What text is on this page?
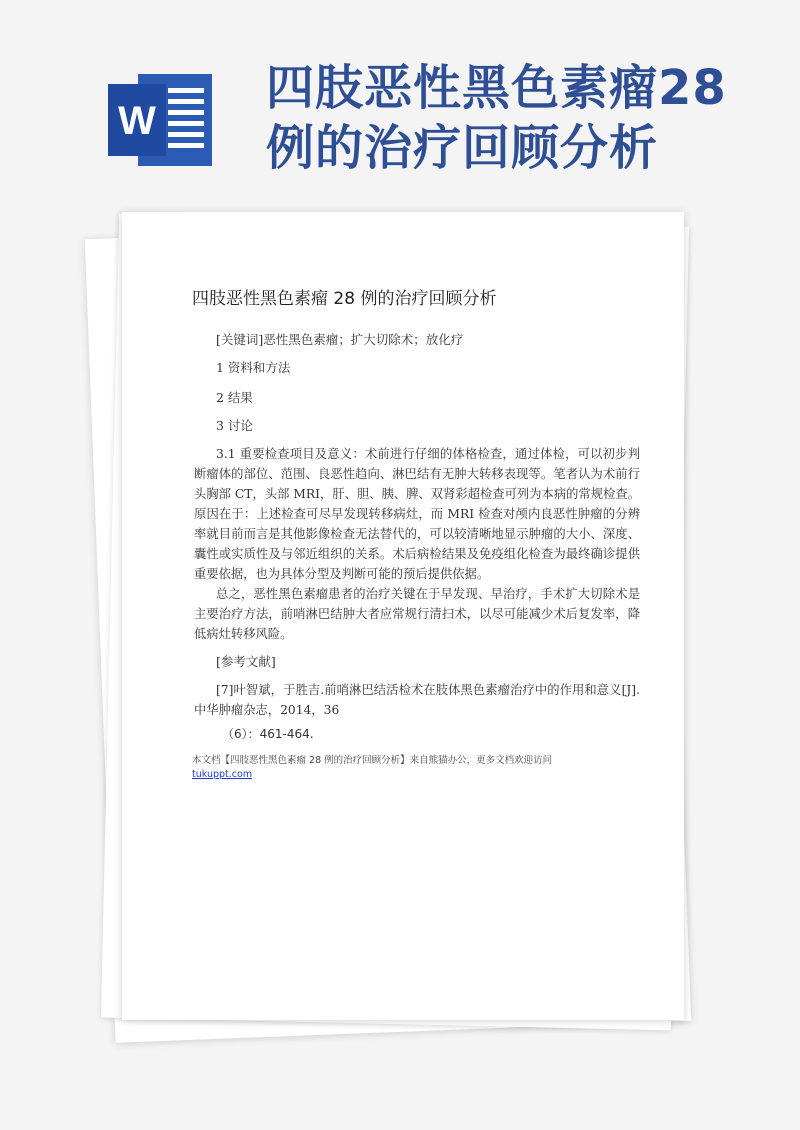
W
四肢恶性黑色素瘤28
例的治疗回顾分析
四肢恶性黑色素瘤 28 例的治疗回顾分析
[关键词]恶性黑色素瘤；扩大切除术；放化疗
1 资料和方法
2 结果
3 讨论
3.1 重要检查项目及意义：术前进行仔细的体格检查，通过体检，可以初步判断瘤体的部位、范围、良恶性趋向、淋巴结有无肿大转移表现等。笔者认为术前行头胸部 CT，头部 MRI，肝、胆、胰、脾、双肾彩超检查可列为本病的常规检查。原因在于：上述检查可尽早发现转移病灶，而 MRI 检查对颅内良恶性肿瘤的分辨率就目前而言是其他影像检查无法替代的，可以较清晰地显示肿瘤的大小、深度、囊性或实质性及与邻近组织的关系。术后病检结果及免疫组化检查为最终确诊提供重要依据，也为具体分型及判断可能的预后提供依据。
总之，恶性黑色素瘤患者的治疗关键在于早发现、早治疗，手术扩大切除术是主要治疗方法，前哨淋巴结肿大者应常规行清扫术，以尽可能减少术后复发率，降低病灶转移风险。
[参考文献]
[7]叶智斌，于胜吉.前哨淋巴结活检术在肢体黑色素瘤治疗中的作用和意义[J].中华肿瘤杂志，2014，36
（6）：461-464.
本文档【四肢恶性黑色素瘤 28 例的治疗回顾分析】来自熊猫办公，更多文档欢迎访问
tukuppt.com
